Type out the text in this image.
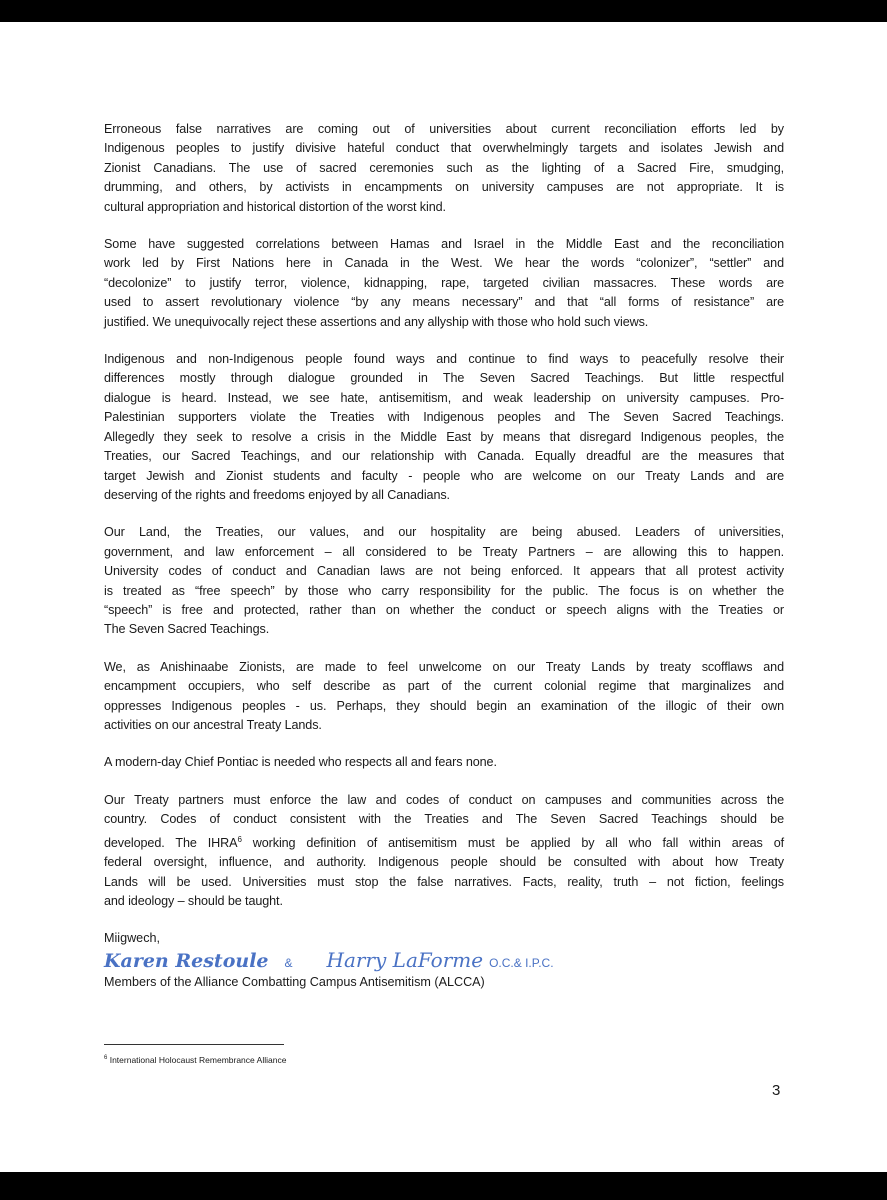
Erroneous false narratives are coming out of universities about current reconciliation efforts led by
Indigenous peoples to justify divisive hateful conduct that overwhelmingly targets and isolates Jewish and
Zionist Canadians. The use of sacred ceremonies such as the lighting of a Sacred Fire, smudging,
drumming, and others, by activists in encampments on university campuses are not appropriate. It is
cultural appropriation and historical distortion of the worst kind.

Some have suggested correlations between Hamas and Israel in the Middle East and the reconciliation
work led by First Nations here in Canada in the West. We hear the words “colonizer”, “settler” and
“decolonize” to justify terror, violence, kidnapping, rape, targeted civilian massacres. These words are
used to assert revolutionary violence “by any means necessary” and that “all forms of resistance” are
justified. We unequivocally reject these assertions and any allyship with those who hold such views.

Indigenous and non-Indigenous people found ways and continue to find ways to peacefully resolve their
differences mostly through dialogue grounded in The Seven Sacred Teachings. But little respectful
dialogue is heard. Instead, we see hate, antisemitism, and weak leadership on university campuses. Pro-
Palestinian supporters violate the Treaties with Indigenous peoples and The Seven Sacred Teachings.
Allegedly they seek to resolve a crisis in the Middle East by means that disregard Indigenous peoples, the
Treaties, our Sacred Teachings, and our relationship with Canada. Equally dreadful are the measures that
target Jewish and Zionist students and faculty - people who are welcome on our Treaty Lands and are
deserving of the rights and freedoms enjoyed by all Canadians.

Our Land, the Treaties, our values, and our hospitality are being abused. Leaders of universities,
government, and law enforcement – all considered to be Treaty Partners – are allowing this to happen.
University codes of conduct and Canadian laws are not being enforced. It appears that all protest activity
is treated as “free speech” by those who carry responsibility for the public. The focus is on whether the
“speech” is free and protected, rather than on whether the conduct or speech aligns with the Treaties or
The Seven Sacred Teachings.

We, as Anishinaabe Zionists, are made to feel unwelcome on our Treaty Lands by treaty scofflaws and
encampment occupiers, who self describe as part of the current colonial regime that marginalizes and
oppresses Indigenous peoples - us. Perhaps, they should begin an examination of the illogic of their own
activities on our ancestral Treaty Lands.

A modern-day Chief Pontiac is needed who respects all and fears none.

Our Treaty partners must enforce the law and codes of conduct on campuses and communities across the
country. Codes of conduct consistent with the Treaties and The Seven Sacred Teachings should be
developed. The IHRA$^6$ working definition of antisemitism must be applied by all who fall within areas of
federal oversight, influence, and authority. Indigenous people should be consulted with about how Treaty
Lands will be used. Universities must stop the false narratives. Facts, reality, truth – not fiction, feelings
and ideology – should be taught.

Miigwech,
Karen Restoule & Harry LaForme O.C.& I.P.C.
Members of the Alliance Combatting Campus Antisemitism (ALCCA)
$^6$ International Holocaust Remembrance Alliance
3
